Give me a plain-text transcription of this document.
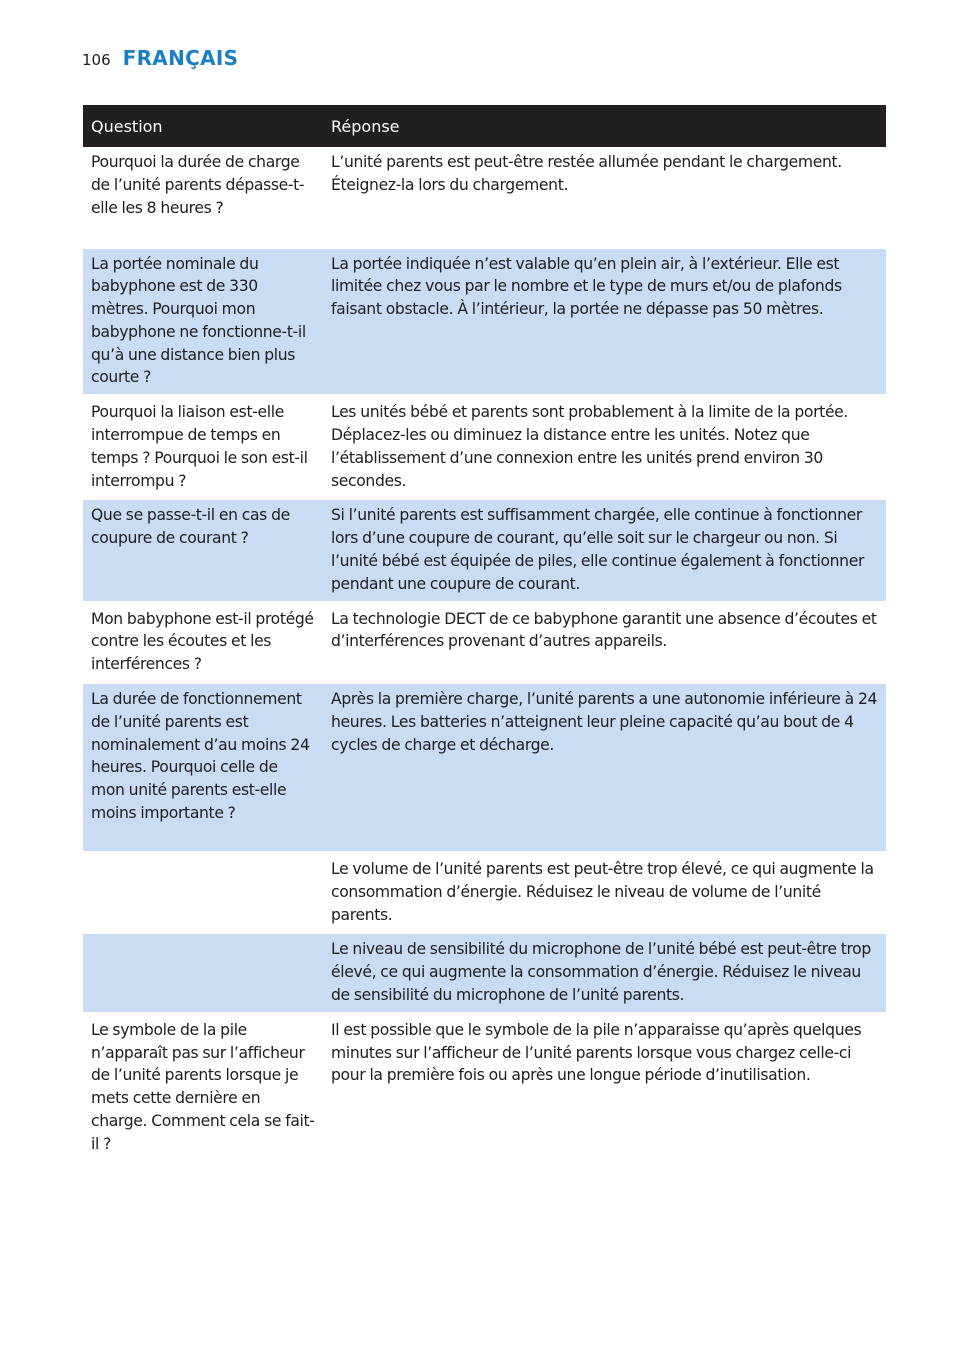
106 FRANÇAIS
Question	Réponse
Pourquoi la durée de charge de l’unité parents dépasse-t-elle les 8 heures ?	L’unité parents est peut-être restée allumée pendant le chargement. Éteignez-la lors du chargement.
La portée nominale du babyphone est de 330 mètres. Pourquoi mon babyphone ne fonctionne-t-il qu’à une distance bien plus courte ?	La portée indiquée n’est valable qu’en plein air, à l’extérieur. Elle est limitée chez vous par le nombre et le type de murs et/ou de plafonds faisant obstacle. À l’intérieur, la portée ne dépasse pas 50 mètres.
Pourquoi la liaison est-elle interrompue de temps en temps ? Pourquoi le son est-il interrompu ?	Les unités bébé et parents sont probablement à la limite de la portée. Déplacez-les ou diminuez la distance entre les unités. Notez que l’établissement d’une connexion entre les unités prend environ 30 secondes.
Que se passe-t-il en cas de coupure de courant ?	Si l’unité parents est suffisamment chargée, elle continue à fonctionner lors d’une coupure de courant, qu’elle soit sur le chargeur ou non. Si l’unité bébé est équipée de piles, elle continue également à fonctionner pendant une coupure de courant.
Mon babyphone est-il protégé contre les écoutes et les interférences ?	La technologie DECT de ce babyphone garantit une absence d’écoutes et d’interférences provenant d’autres appareils.
La durée de fonctionnement de l’unité parents est nominalement d’au moins 24 heures. Pourquoi celle de mon unité parents est-elle moins importante ?	Après la première charge, l’unité parents a une autonomie inférieure à 24 heures. Les batteries n’atteignent leur pleine capacité qu’au bout de 4 cycles de charge et décharge.
	Le volume de l’unité parents est peut-être trop élevé, ce qui augmente la consommation d’énergie. Réduisez le niveau de volume de l’unité parents.
	Le niveau de sensibilité du microphone de l’unité bébé est peut-être trop élevé, ce qui augmente la consommation d’énergie. Réduisez le niveau de sensibilité du microphone de l’unité parents.
Le symbole de la pile n’apparaît pas sur l’afficheur de l’unité parents lorsque je mets cette dernière en charge. Comment cela se fait-il ?	Il est possible que le symbole de la pile n’apparaisse qu’après quelques minutes sur l’afficheur de l’unité parents lorsque vous chargez celle-ci pour la première fois ou après une longue période d’inutilisation.
